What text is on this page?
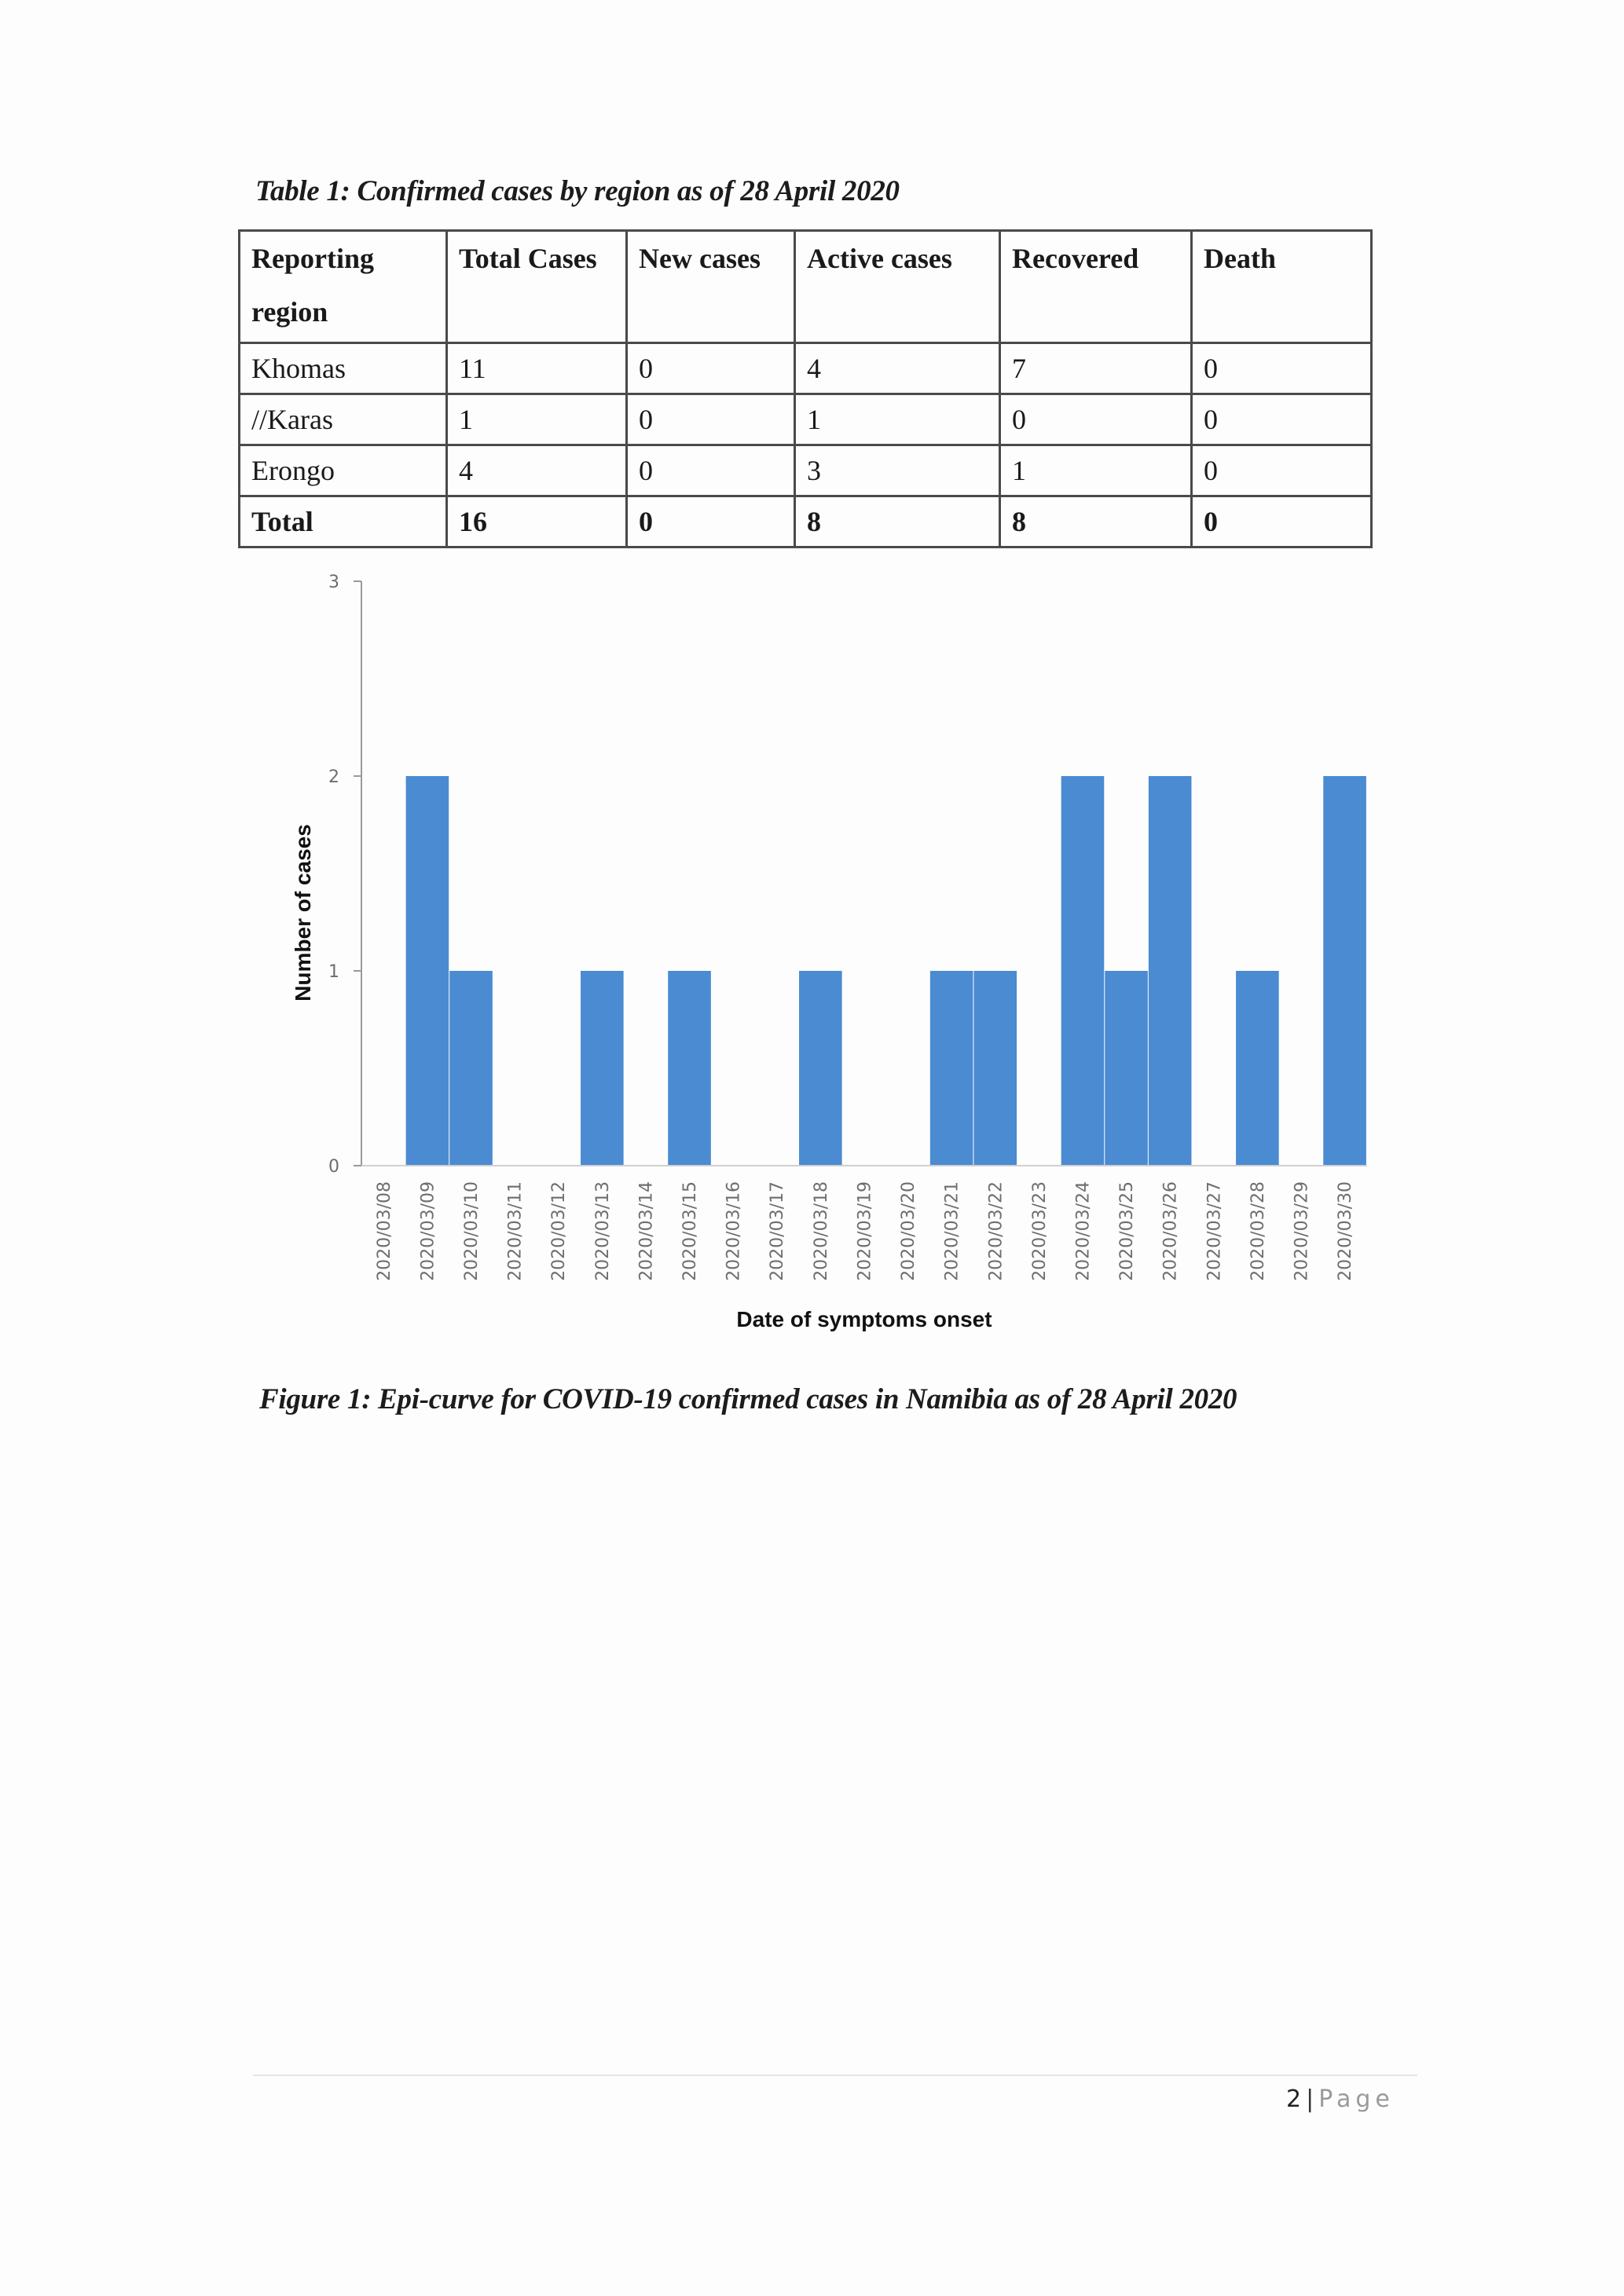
Table 1: Confirmed cases by region as of 28 April 2020
Reporting
region	Total Cases	New cases	Active cases	Recovered	Death
Khomas	11	0	4	7	0
//Karas	1	0	1	0	0
Erongo	4	0	3	1	0
Total	16	0	8	8	0
0
1
2
3
2020/03/08 2020/03/09 2020/03/10 2020/03/11 2020/03/12 2020/03/13 2020/03/14 2020/03/15 2020/03/16 2020/03/17 2020/03/18 2020/03/19 2020/03/20 2020/03/21 2020/03/22 2020/03/23 2020/03/24 2020/03/25 2020/03/26 2020/03/27 2020/03/28 2020/03/29 2020/03/30
Number of cases
Date of symptoms onset
Figure 1: Epi-curve for COVID-19 confirmed cases in Namibia as of 28 April 2020
2 | Page
